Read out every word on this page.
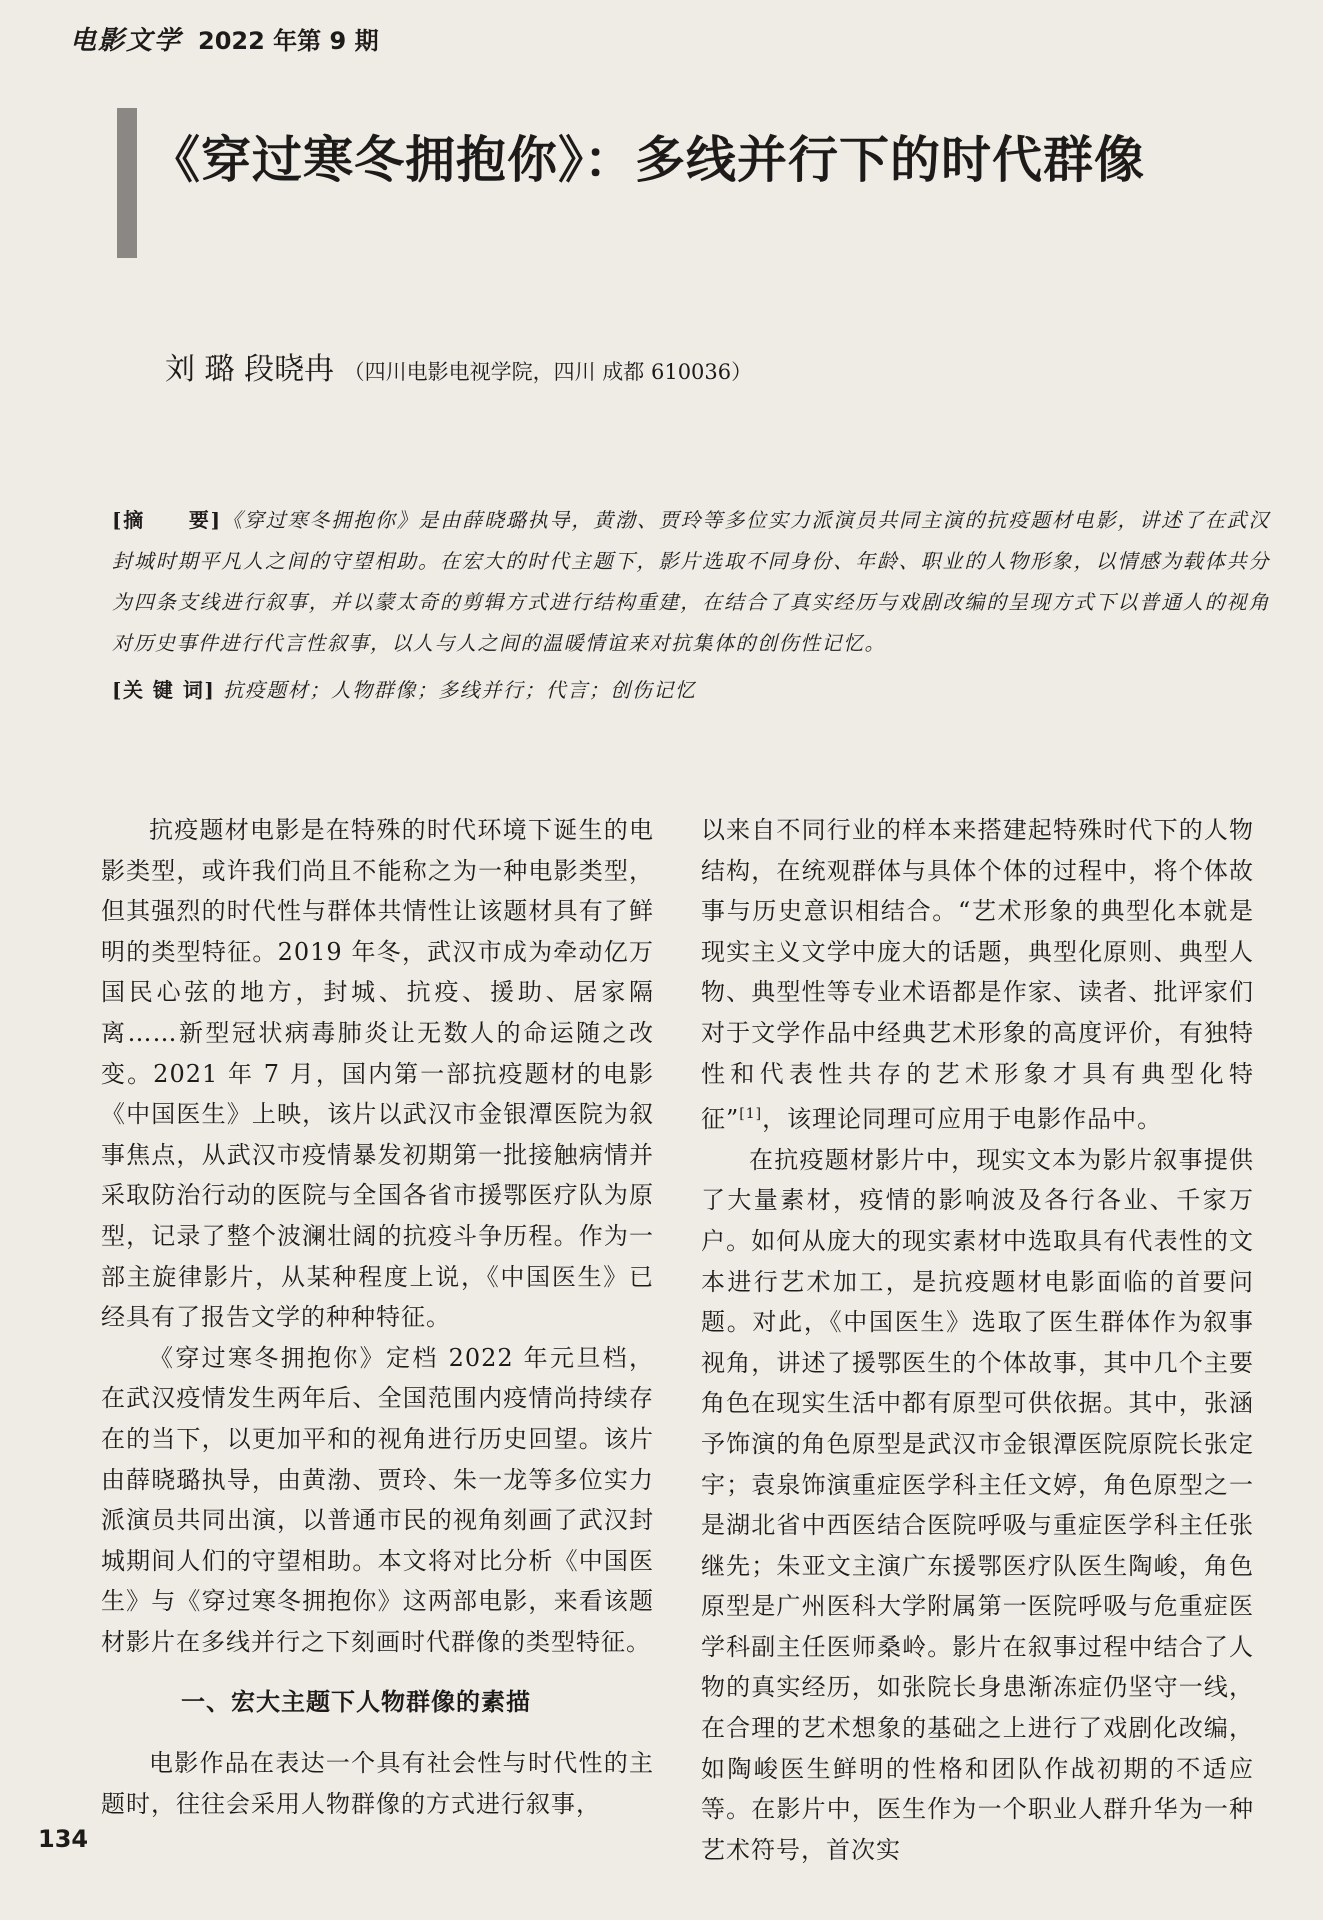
电影文学 2022 年第 9 期
《穿过寒冬拥抱你》：多线并行下的时代群像
刘 璐 段晓冉 （四川电影电视学院，四川 成都 610036）

[摘　　要]《穿过寒冬拥抱你》是由薛晓璐执导，黄渤、贾玲等多位实力派演员共同主演的抗疫题材电影，讲述了在武汉封城时期平凡人之间的守望相助。在宏大的时代主题下，影片选取不同身份、年龄、职业的人物形象，以情感为载体共分为四条支线进行叙事，并以蒙太奇的剪辑方式进行结构重建，在结合了真实经历与戏剧改编的呈现方式下以普通人的视角对历史事件进行代言性叙事，以人与人之间的温暖情谊来对抗集体的创伤性记忆。

[关 键 词] 抗疫题材；人物群像；多线并行；代言；创伤记忆

抗疫题材电影是在特殊的时代环境下诞生的电影类型，或许我们尚且不能称之为一种电影类型，但其强烈的时代性与群体共情性让该题材具有了鲜明的类型特征。2019 年冬，武汉市成为牵动亿万国民心弦的地方，封城、抗疫、援助、居家隔离……新型冠状病毒肺炎让无数人的命运随之改变。2021 年 7 月，国内第一部抗疫题材的电影《中国医生》上映，该片以武汉市金银潭医院为叙事焦点，从武汉市疫情暴发初期第一批接触病情并采取防治行动的医院与全国各省市援鄂医疗队为原型，记录了整个波澜壮阔的抗疫斗争历程。作为一部主旋律影片，从某种程度上说，《中国医生》已经具有了报告文学的种种特征。

《穿过寒冬拥抱你》定档 2022 年元旦档，在武汉疫情发生两年后、全国范围内疫情尚持续存在的当下，以更加平和的视角进行历史回望。该片由薛晓璐执导，由黄渤、贾玲、朱一龙等多位实力派演员共同出演，以普通市民的视角刻画了武汉封城期间人们的守望相助。本文将对比分析《中国医生》与《穿过寒冬拥抱你》这两部电影，来看该题材影片在多线并行之下刻画时代群像的类型特征。

一、宏大主题下人物群像的素描

电影作品在表达一个具有社会性与时代性的主题时，往往会采用人物群像的方式进行叙事，

以来自不同行业的样本来搭建起特殊时代下的人物结构，在统观群体与具体个体的过程中，将个体故事与历史意识相结合。“艺术形象的典型化本就是现实主义文学中庞大的话题，典型化原则、典型人物、典型性等专业术语都是作家、读者、批评家们对于文学作品中经典艺术形象的高度评价，有独特性和代表性共存的艺术形象才具有典型化特征”[1]，该理论同理可应用于电影作品中。

在抗疫题材影片中，现实文本为影片叙事提供了大量素材，疫情的影响波及各行各业、千家万户。如何从庞大的现实素材中选取具有代表性的文本进行艺术加工，是抗疫题材电影面临的首要问题。对此，《中国医生》选取了医生群体作为叙事视角，讲述了援鄂医生的个体故事，其中几个主要角色在现实生活中都有原型可供依据。其中，张涵予饰演的角色原型是武汉市金银潭医院原院长张定宇；袁泉饰演重症医学科主任文婷，角色原型之一是湖北省中西医结合医院呼吸与重症医学科主任张继先；朱亚文主演广东援鄂医疗队医生陶峻，角色原型是广州医科大学附属第一医院呼吸与危重症医学科副主任医师桑岭。影片在叙事过程中结合了人物的真实经历，如张院长身患渐冻症仍坚守一线，在合理的艺术想象的基础之上进行了戏剧化改编，如陶峻医生鲜明的性格和团队作战初期的不适应等。在影片中，医生作为一个职业人群升华为一种艺术符号，首次实

134
